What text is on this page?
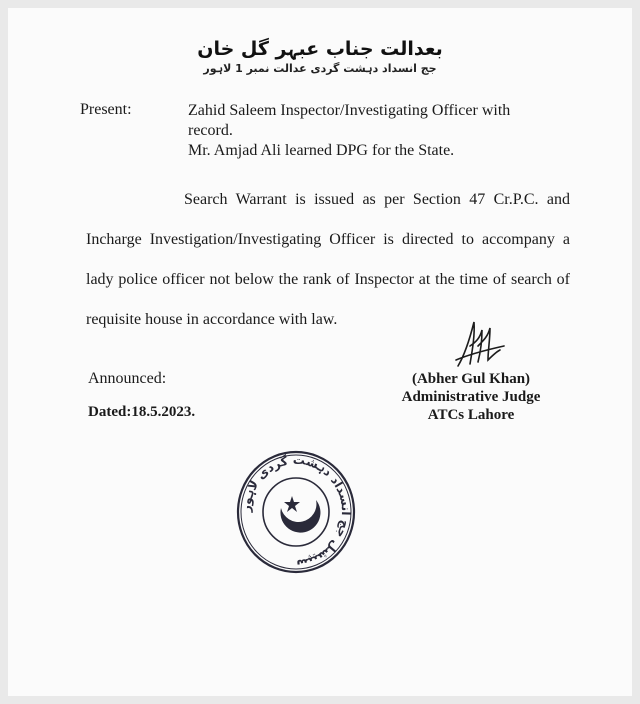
بعدالت جناب عبہر گل خان
جج انسداد دہشت گردی عدالت نمبر 1 لاہور
Present:	Zahid Saleem Inspector/Investigating Officer with
record.
Mr. Amjad Ali learned DPG for the State.
Search Warrant is issued as per Section 47 Cr.P.C. and Incharge Investigation/Investigating Officer is directed to accompany a lady police officer not below the rank of Inspector at the time of search of requisite house in accordance with law.
Announced:
Dated:18.5.2023.
(Abher Gul Khan)
Administrative Judge
ATCs Lahore
سپیشل جج انسداد دہشت گردی لاہور
